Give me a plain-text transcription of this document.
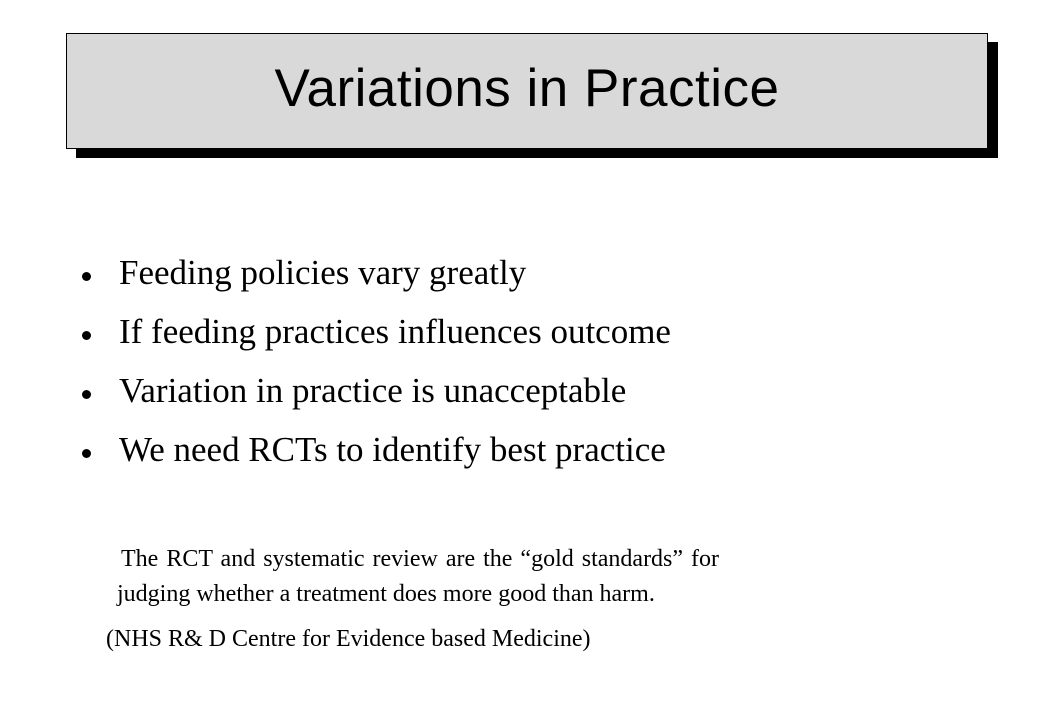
Variations in Practice
Feeding policies vary greatly
If feeding practices influences outcome
Variation in practice is unacceptable
We need RCTs to identify best practice

The RCT and systematic review are the “gold standards” for
judging whether a treatment does more good than harm.

(NHS R& D Centre for Evidence based Medicine)
